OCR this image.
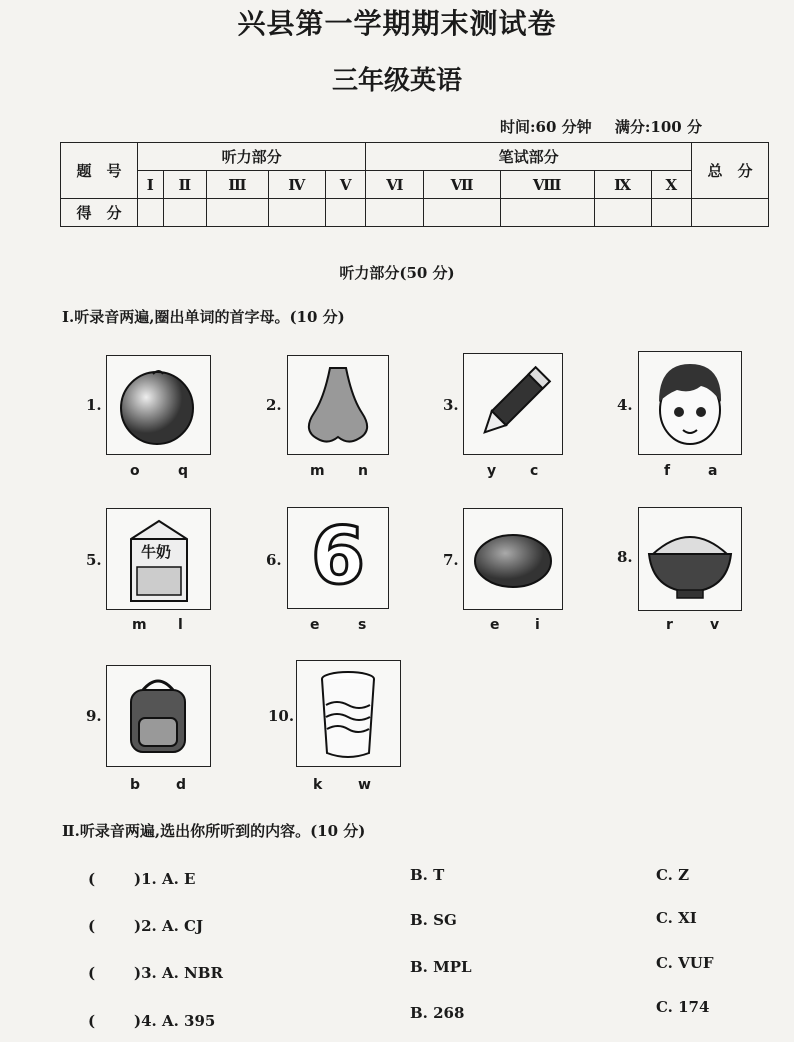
兴县第一学期期末测试卷
三年级英语
时间:60 分钟 满分:100 分
题　号	听力部分					笔试部分					总　分
	Ⅰ	Ⅱ	Ⅲ	Ⅳ	Ⅴ	Ⅵ	Ⅶ	Ⅷ	Ⅸ	Ⅹ	
得　分											
听力部分(50 分)
Ⅰ.听录音两遍,圈出单词的首字母。(10 分)
1.
o	q
2.
m n
3.
y c
4.
f	a
5.	牛奶
m l
6. 6
e	s
7.
e	i
8.
r	v
9.
b	d
10.
k	w
Ⅱ.听录音两遍,选出你所听到的内容。(10 分)
(	)1. A. E	B. T	C. Z
(	)2. A. CJ	B. SG	C. XI
(	)3. A. NBR	B. MPL	C. VUF
(	)4. A. 395	B. 268	C. 174
